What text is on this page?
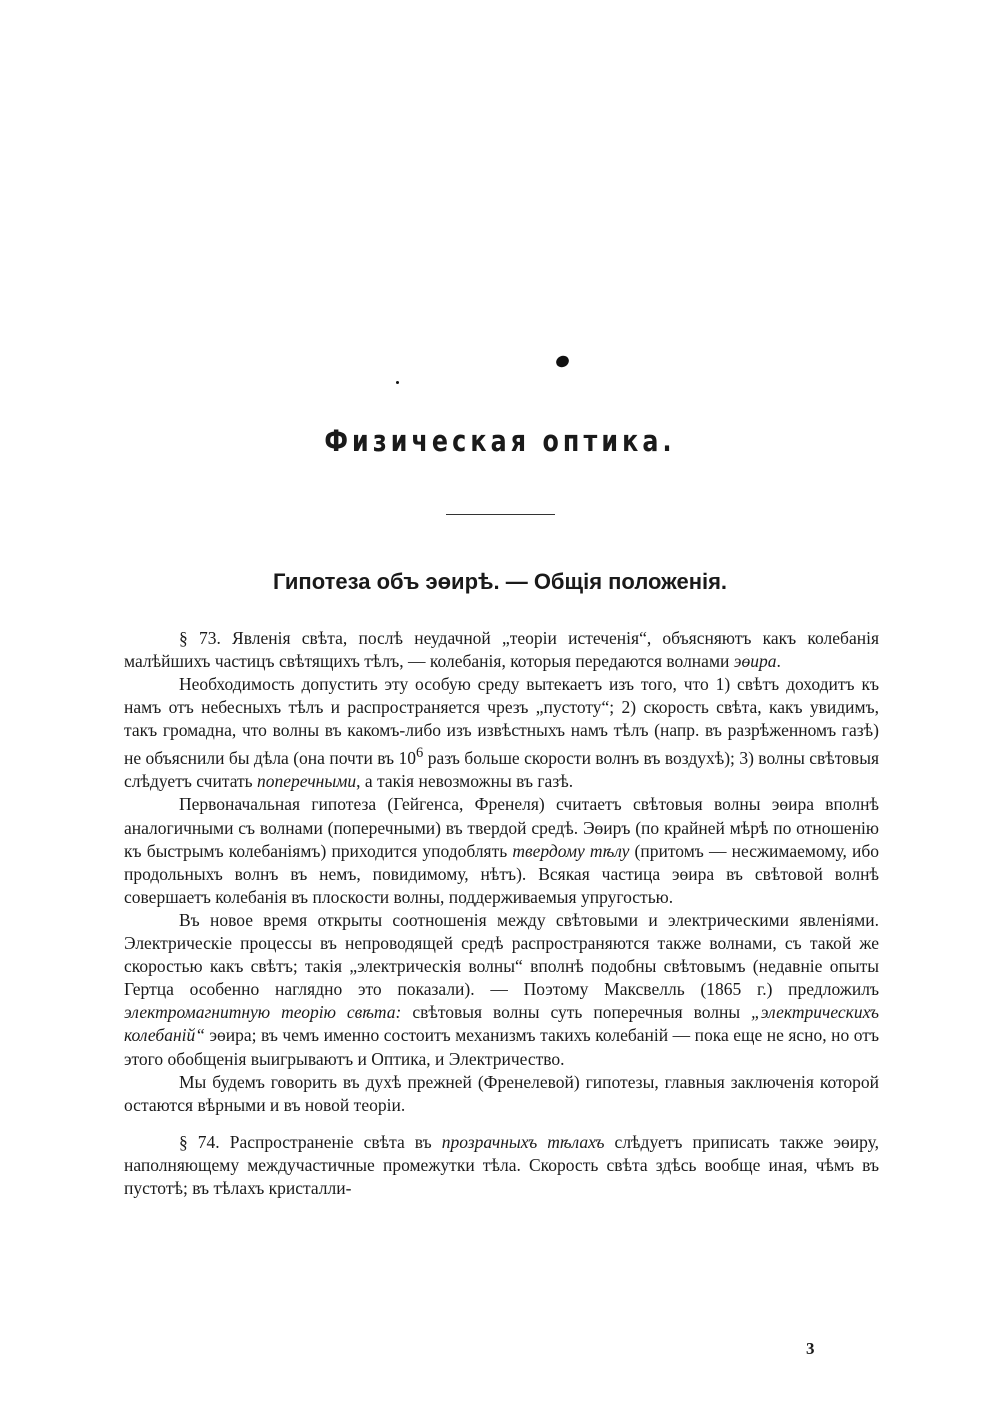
Физическая оптика.
Гипотеза объ эөирѣ. — Общія положенія.

§ 73. Явленія свѣта, послѣ неудачной „теоріи истеченія“, объясняютъ какъ колебанія малѣйшихъ частицъ свѣтящихъ тѣлъ, — колебанія, которыя передаются волнами эөира.

Необходимость допустить эту особую среду вытекаетъ изъ того, что 1) свѣтъ доходитъ къ намъ отъ небесныхъ тѣлъ и распространяется чрезъ „пустоту“; 2) скорость свѣта, какъ увидимъ, такъ громадна, что волны въ какомъ-либо изъ извѣстныхъ намъ тѣлъ (напр. въ разрѣженномъ газѣ) не объяснили бы дѣла (она почти въ $10^6$ разъ больше скорости волнъ въ воздухѣ); 3) волны свѣтовыя слѣдуетъ считать поперечными, а такія невозможны въ газѣ.

Первоначальная гипотеза (Гейгенса, Френеля) считаетъ свѣтовыя волны эөира вполнѣ аналогичными съ волнами (поперечными) въ твердой средѣ. Эөиръ (по крайней мѣрѣ по отношенію къ быстрымъ колебаніямъ) приходится уподоблять твердому тѣлу (притомъ — несжимаемому, ибо продольныхъ волнъ въ немъ, повидимому, нѣтъ). Всякая частица эөира въ свѣтовой волнѣ совершаетъ колебанія въ плоскости волны, поддерживаемыя упругостью.

Въ новое время открыты соотношенія между свѣтовыми и электрическими явленіями. Электрическіе процессы въ непроводящей средѣ распространяются также волнами, съ такой же скоростью какъ свѣтъ; такія „электрическія волны“ вполнѣ подобны свѣтовымъ (недавніе опыты Гертца особенно наглядно это показали). — Поэтому Максвелль (1865 г.) предложилъ электромагнитную теорію свѣта: свѣтовыя волны суть поперечныя волны „электрическихъ колебаній“ эөира; въ чемъ именно состоитъ механизмъ такихъ колебаній — пока еще не ясно, но отъ этого обобщенія выигрываютъ и Оптика, и Электричество.

Мы будемъ говорить въ духѣ прежней (Френелевой) гипотезы, главныя заключенія которой остаются вѣрными и въ новой теоріи.

§ 74. Распространеніе свѣта въ прозрачныхъ тѣлахъ слѣдуетъ приписать также эөиру, наполняющему междучастичные промежутки тѣла. Скорость свѣта здѣсь вообще иная, чѣмъ въ пустотѣ; въ тѣлахъ кристалли-

3
